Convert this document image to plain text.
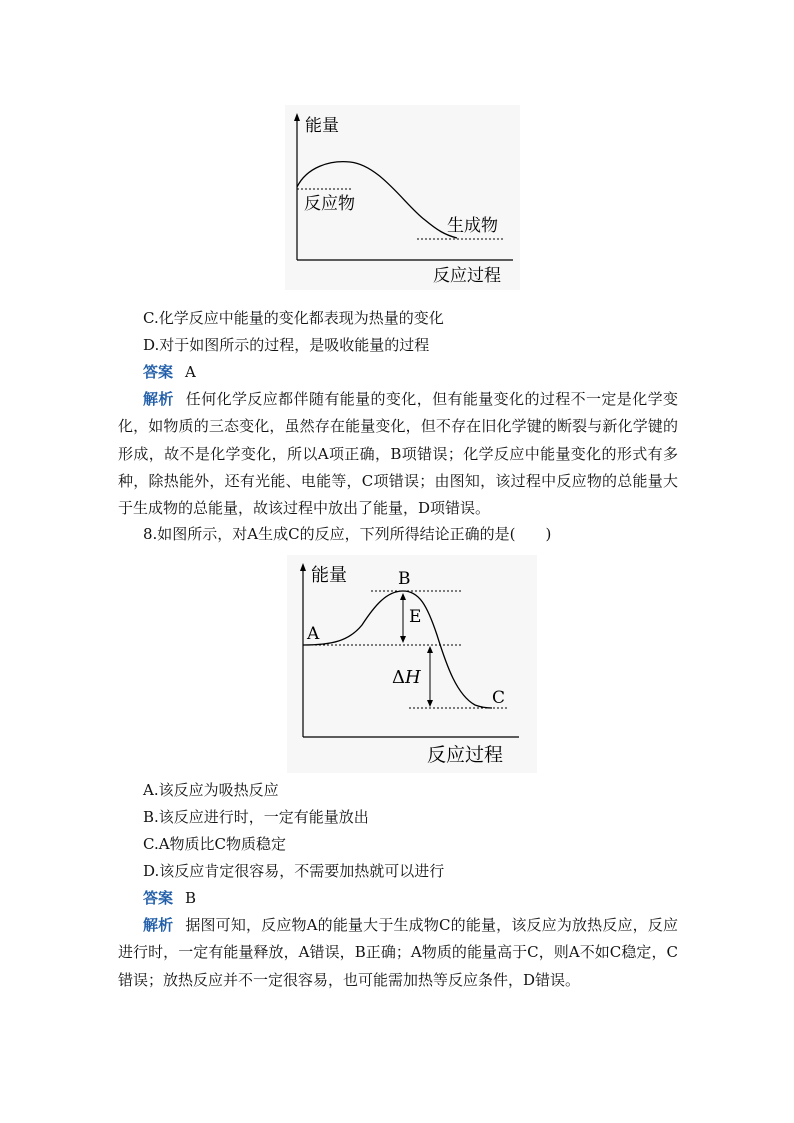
能量
反应过程
反应物
生成物
C.化学反应中能量的变化都表现为热量的变化
D.对于如图所示的过程，是吸收能量的过程
答案 A
解析 任何化学反应都伴随有能量的变化，但有能量变化的过程不一定是化学变化，如物质的三态变化，虽然存在能量变化，但不存在旧化学键的断裂与新化学键的形成，故不是化学变化，所以A项正确，B项错误；化学反应中能量变化的形式有多种，除热能外，还有光能、电能等，C项错误；由图知，该过程中反应物的总能量大于生成物的总能量，故该过程中放出了能量，D项错误。
8.如图所示，对A生成C的反应，下列所得结论正确的是(　　)
能量
反应过程
A
B
C
E
ΔH
A.该反应为吸热反应
B.该反应进行时，一定有能量放出
C.A物质比C物质稳定
D.该反应肯定很容易，不需要加热就可以进行
答案 B
解析 据图可知，反应物A的能量大于生成物C的能量，该反应为放热反应，反应进行时，一定有能量释放，A错误，B正确；A物质的能量高于C，则A不如C稳定，C错误；放热反应并不一定很容易，也可能需加热等反应条件，D错误。
